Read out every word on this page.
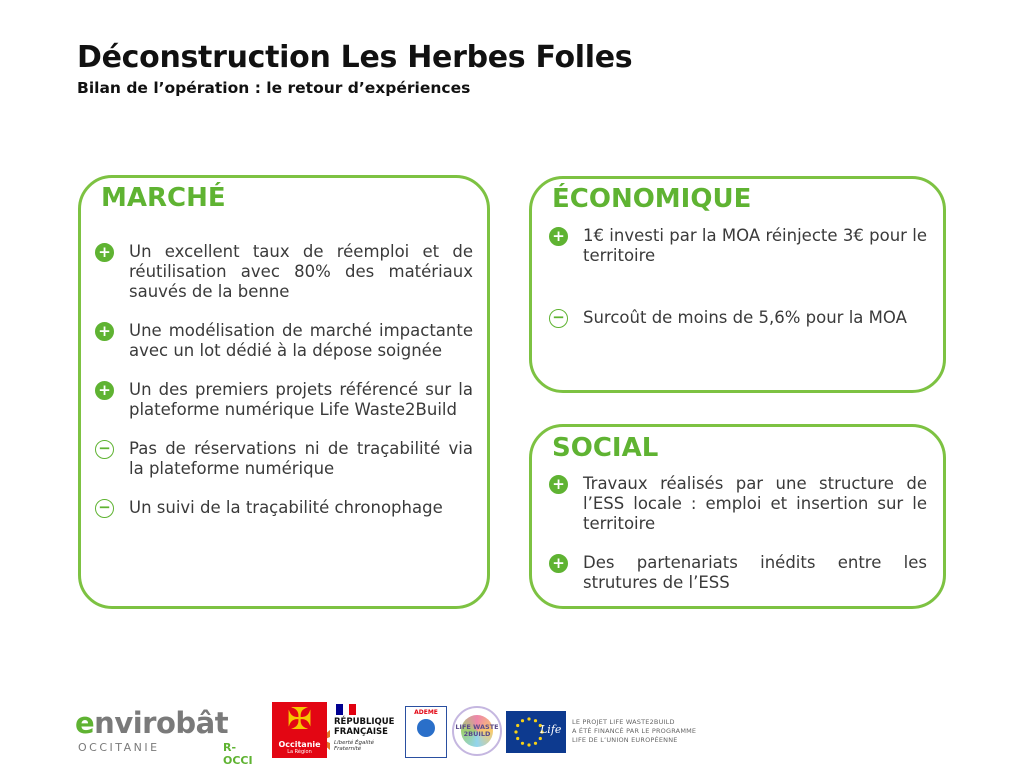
Déconstruction Les Herbes Folles
Bilan de l’opération : le retour d’expériences
MARCHÉ
+ Un excellent taux de réemploi et de réutilisation avec 80% des matériaux sauvés de la benne
+ Une modélisation de marché impactante avec un lot dédié à la dépose soignée
+ Un des premiers projets référencé sur la plateforme numérique Life Waste2Build
− Pas de réservations ni de traçabilité via la plateforme numérique
− Un suivi de la traçabilité chronophage
ÉCONOMIQUE
+ 1€ investi par la MOA réinjecte 3€ pour le territoire
− Surcoût de moins de 5,6% pour la MOA
SOCIAL
+ Travaux réalisés par une structure de l’ESS locale : emploi et insertion sur le territoire
+ Des partenariats inédits entre les strutures de l’ESS
envirobât
OCCITANIE	R-OCCI
✠
La Région
Occitanie
RÉPUBLIQUE
FRANÇAISE
Liberté Égalité Fraternité
ADEME
LIFE WASTE 2BUILD	Life
LE PROJET LIFE WASTE2BUILD
A ÉTÉ FINANCÉ PAR LE PROGRAMME
LIFE DE L’UNION EUROPÉENNE
